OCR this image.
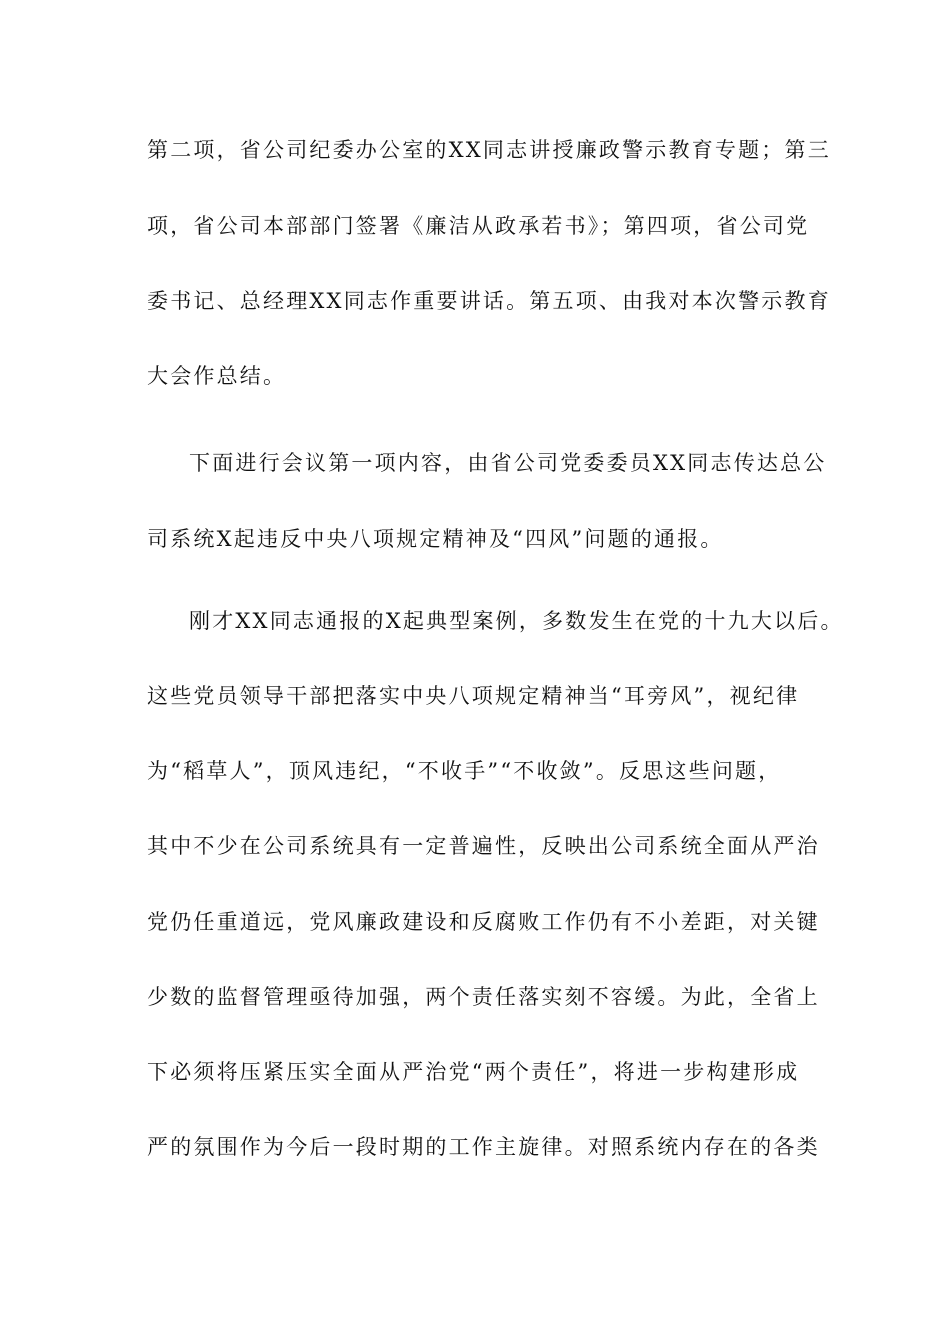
第二项，省公司纪委办公室的XX同志讲授廉政警示教育专题；第三
项，省公司本部部门签署《廉洁从政承若书》；第四项，省公司党
委书记、总经理XX同志作重要讲话。第五项、由我对本次警示教育
大会作总结。
下面进行会议第一项内容，由省公司党委委员XX同志传达总公
司系统X起违反中央八项规定精神及“四风”问题的通报。
刚才XX同志通报的X起典型案例，多数发生在党的十九大以后。
这些党员领导干部把落实中央八项规定精神当“耳旁风”，视纪律
为“稻草人”，顶风违纪，“不收手”“不收敛”。反思这些问题，
其中不少在公司系统具有一定普遍性，反映出公司系统全面从严治
党仍任重道远，党风廉政建设和反腐败工作仍有不小差距，对关键
少数的监督管理亟待加强，两个责任落实刻不容缓。为此，全省上
下必须将压紧压实全面从严治党“两个责任”，将进一步构建形成
严的氛围作为今后一段时期的工作主旋律。对照系统内存在的各类
